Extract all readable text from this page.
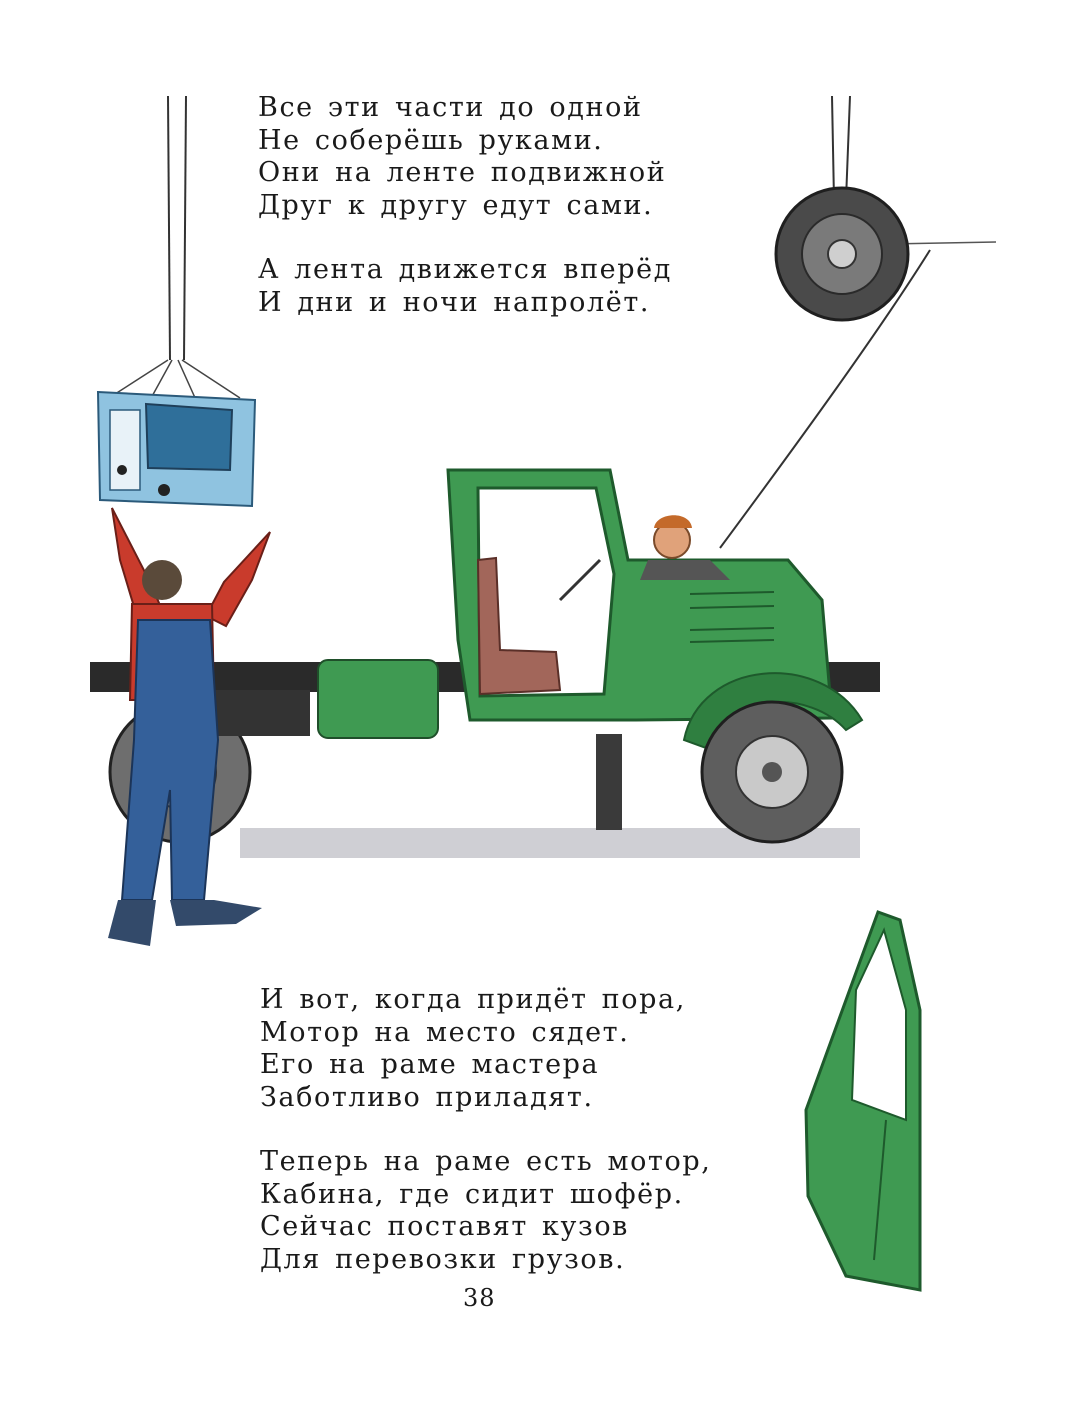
Все эти части до одной
Не соберёшь руками.
Они на ленте подвижной
Друг к другу едут сами.
А лента движется вперёд
И дни и ночи напролёт.
И вот, когда придёт пора,
Мотор на место сядет.
Его на раме мастера
Заботливо приладят.
Теперь на раме есть мотор,
Кабина, где сидит шофёр.
Сейчас поставят кузов
Для перевозки грузов.
38
